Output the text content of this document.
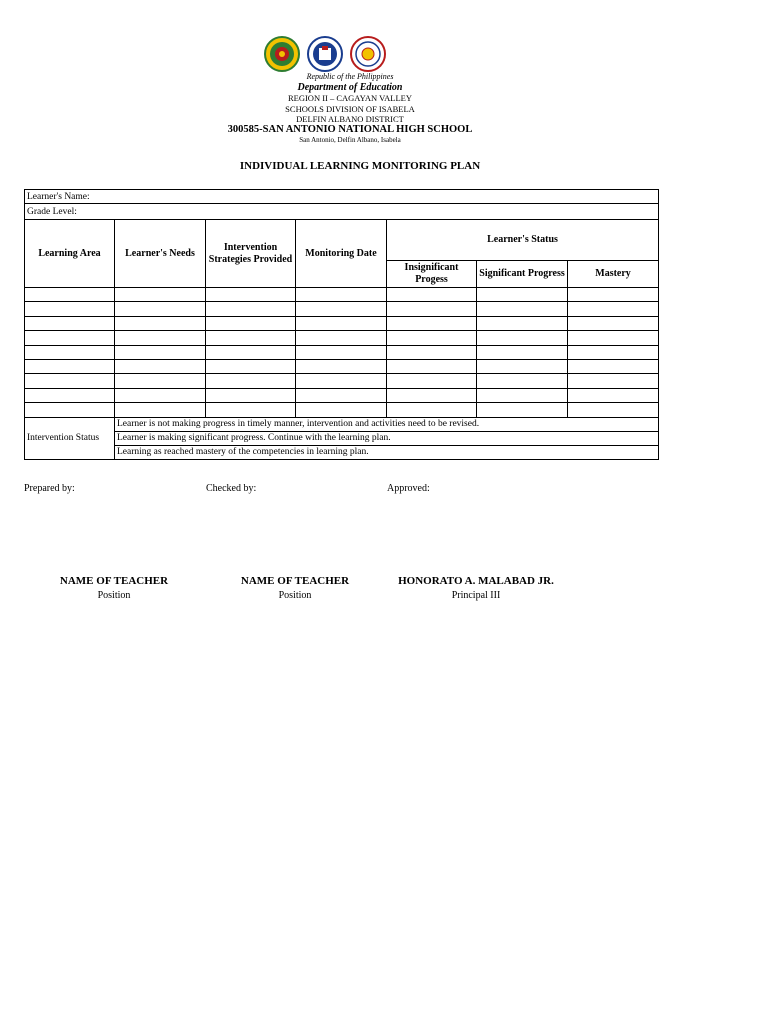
Republic of the Philippines
Department of Education
REGION II – CAGAYAN VALLEY
SCHOOLS DIVISION OF ISABELA
DELFIN ALBANO DISTRICT
300585-SAN ANTONIO NATIONAL HIGH SCHOOL
San Antonio, Delfin Albano, Isabela
INDIVIDUAL LEARNING MONITORING PLAN
Learner's Name:						
Grade Level:						
Learning Area	Learner's Needs	Intervention Strategies Provided	Monitoring Date	Learner's Status		
				Insignificant Progess	Significant Progress	Mastery

Intervention Status	Learner is not making progress in timely manner, intervention and activities need to be revised.					
	Learner is making significant progress. Continue with the learning plan.					
	Learning as reached mastery of the competencies in learning plan.					
Prepared by:	Checked by:	Approved:
NAME OF TEACHER
Position
NAME OF TEACHER
Position
HONORATO A. MALABAD JR.
Principal III
